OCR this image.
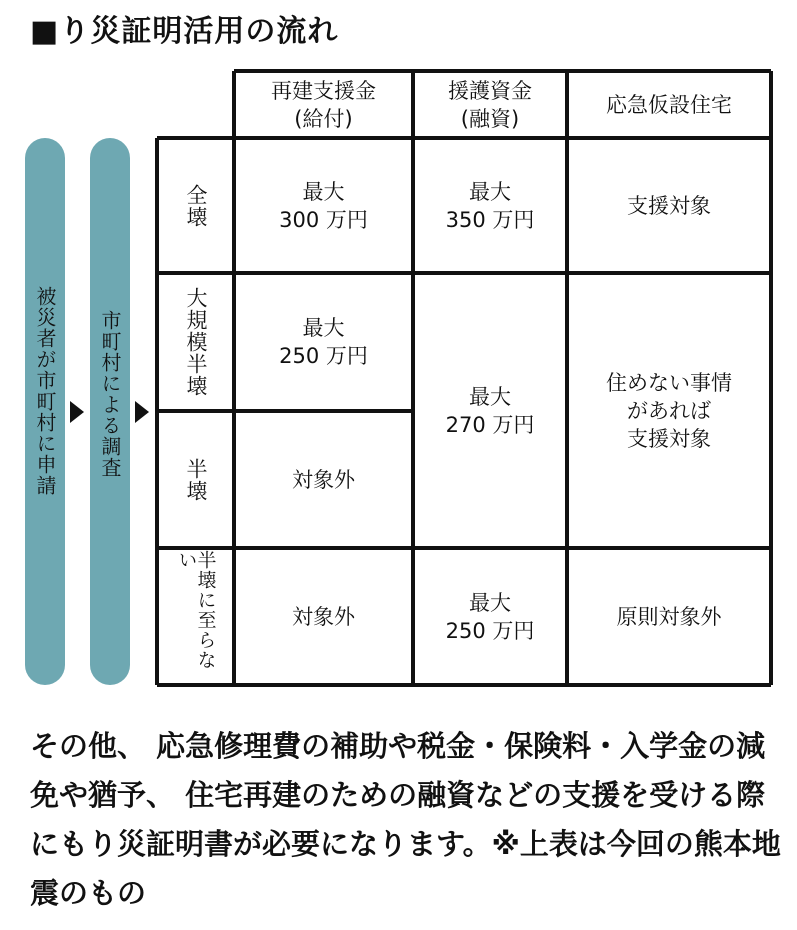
■り災証明活用の流れ
被災者が市町村に申請 市町村による調査
再建支援金
(給付)
援護資金
(融資)
応急仮設住宅
全壊
大規模半壊
半壊
半壊に至らない
最大
300 万円
最大
350 万円
支援対象
最大
250 万円
最大
270 万円
住めない事情
があれば
支援対象
対象外
対象外
最大
250 万円
原則対象外
その他、 応急修理費の補助や税金・保険料・入学金の減免や猶予、 住宅再建のための融資などの支援を受ける際にもり災証明書が必要になります。※上表は今回の熊本地震のもの
